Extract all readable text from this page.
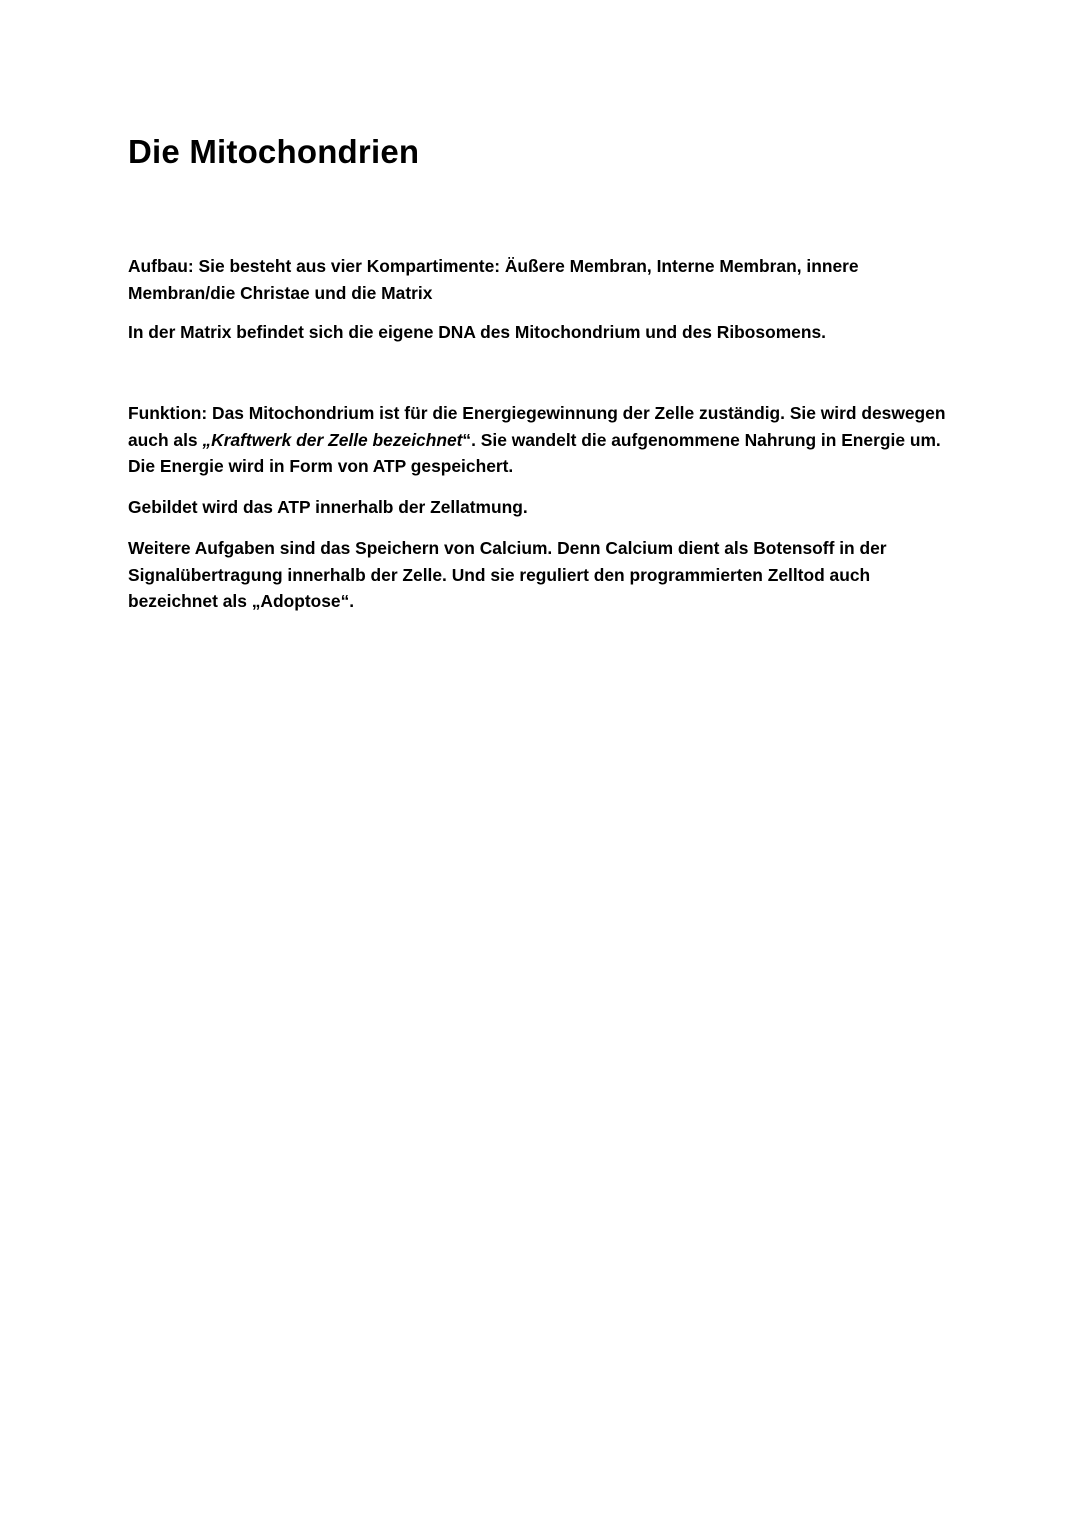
Die Mitochondrien

Aufbau: Sie besteht aus vier Kompartimente: Äußere Membran, Interne Membran, innere
Membran/die Christae und die Matrix

In der Matrix befindet sich die eigene DNA des Mitochondrium und des Ribosomens.

Funktion: Das Mitochondrium ist für die Energiegewinnung der Zelle zuständig. Sie wird deswegen
auch als „Kraftwerk der Zelle bezeichnet“. Sie wandelt die aufgenommene Nahrung in Energie um.
Die Energie wird in Form von ATP gespeichert.

Gebildet wird das ATP innerhalb der Zellatmung.

Weitere Aufgaben sind das Speichern von Calcium. Denn Calcium dient als Botensoff in der
Signalübertragung innerhalb der Zelle. Und sie reguliert den programmierten Zelltod auch
bezeichnet als „Adoptose“.
